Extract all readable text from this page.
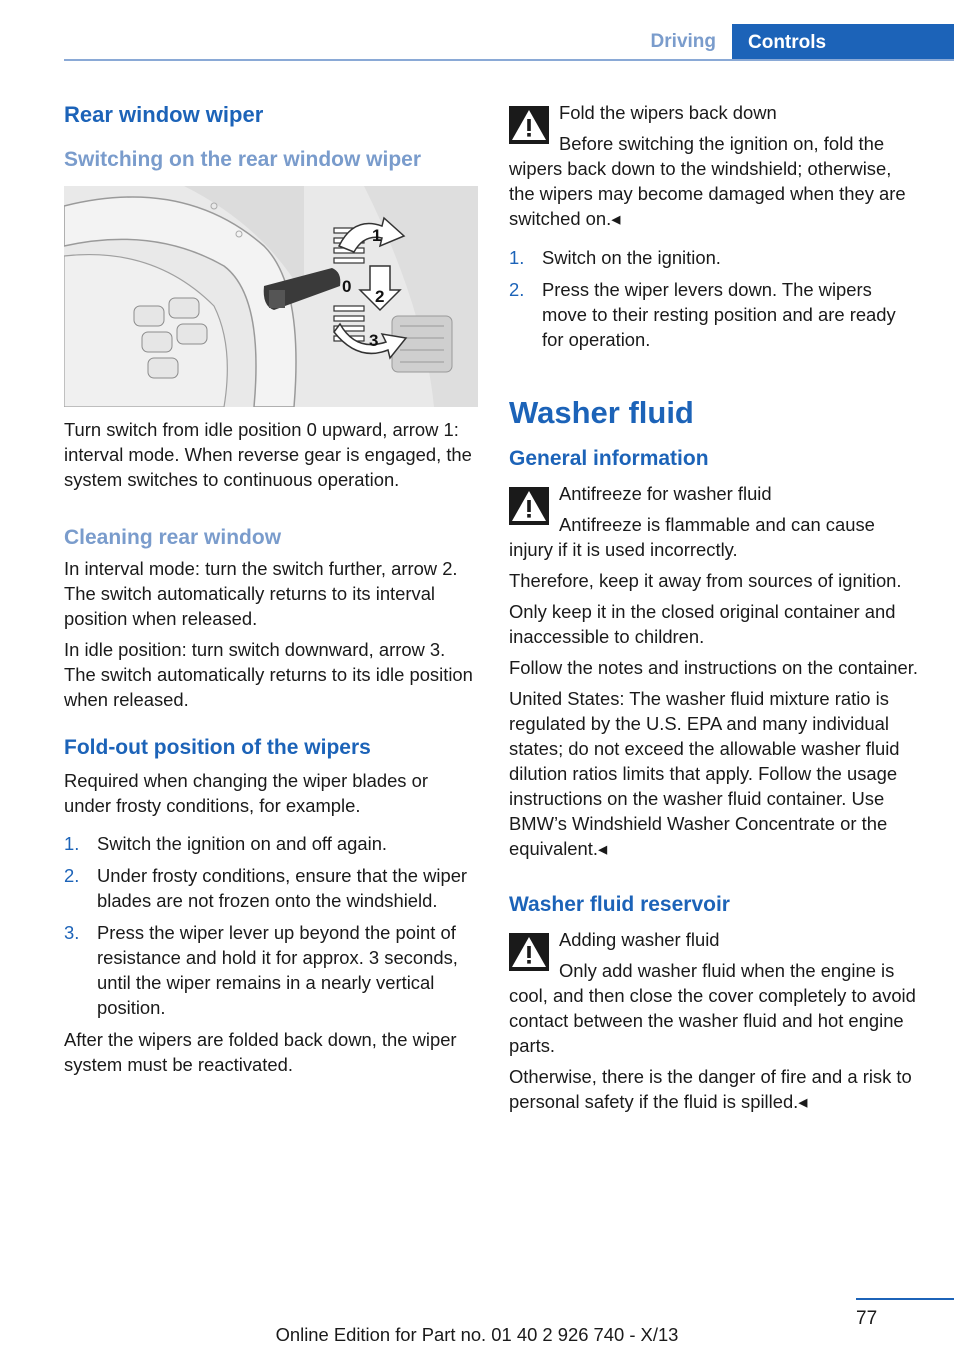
Driving	Controls
Rear window wiper
Switching on the rear window wiper
1
0
2
3

Turn switch from idle position 0 upward, arrow 1: interval mode. When reverse gear is engaged, the system switches to continuous operation.

Cleaning rear window

In interval mode: turn the switch further, arrow 2. The switch automatically returns to its interval position when released.

In idle position: turn switch downward, arrow 3. The switch automatically returns to its idle position when released.

Fold-out position of the wipers

Required when changing the wiper blades or under frosty conditions, for example.

1. Switch the ignition on and off again.
2. Under frosty conditions, ensure that the wiper blades are not frozen onto the windshield.
3. Press the wiper lever up beyond the point of resistance and hold it for approx. 3 seconds, until the wiper remains in a nearly vertical position.

After the wipers are folded back down, the wiper system must be reactivated.

Fold the wipers back down

Before switching the ignition on, fold the wipers back down to the windshield; otherwise, the wipers may become damaged when they are switched on.◂

1. Switch on the ignition.
2. Press the wiper levers down. The wipers move to their resting position and are ready for operation.
Washer fluid
General information
Antifreeze for washer fluid

Antifreeze is flammable and can cause injury if it is used incorrectly.

Therefore, keep it away from sources of ignition.

Only keep it in the closed original container and inaccessible to children.

Follow the notes and instructions on the container.

United States: The washer fluid mixture ratio is regulated by the U.S. EPA and many individual states; do not exceed the allowable washer fluid dilution ratios limits that apply. Follow the usage instructions on the washer fluid container. Use BMW’s Windshield Washer Concentrate or the equivalent.◂

Washer fluid reservoir
Adding washer fluid

Only add washer fluid when the engine is cool, and then close the cover completely to avoid contact between the washer fluid and hot engine parts.

Otherwise, there is the danger of fire and a risk to personal safety if the fluid is spilled.◂

77
Online Edition for Part no. 01 40 2 926 740 - X/13
